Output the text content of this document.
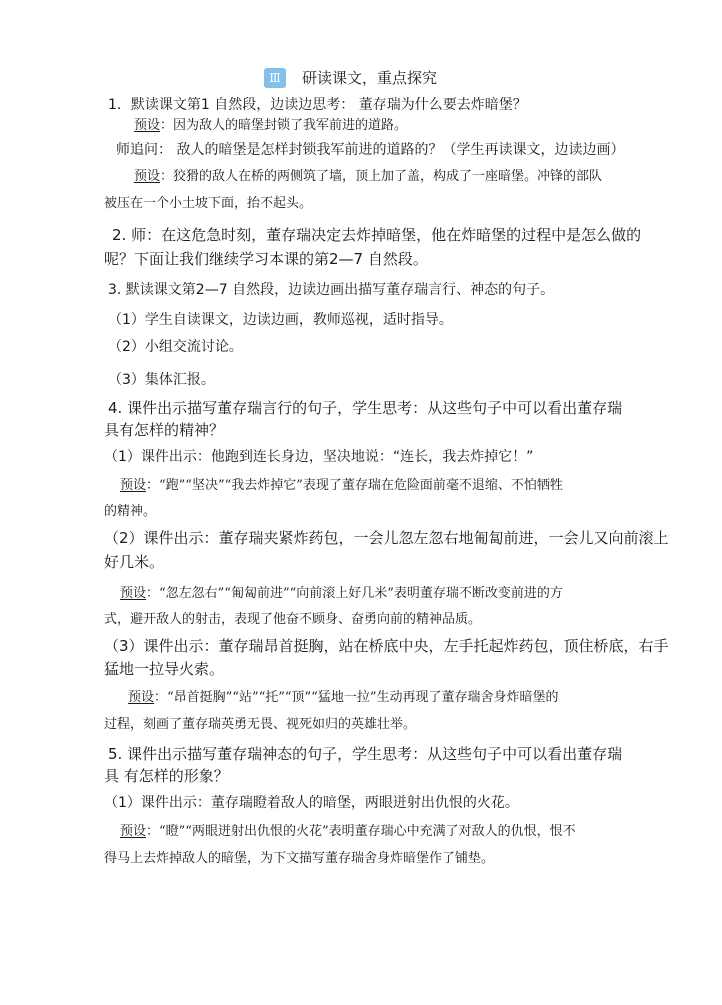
Ⅲ	研读课文，重点探究
1．默读课文第1 自然段，边读边思考： 董存瑞为什么要去炸暗堡？
预设：因为敌人的暗堡封锁了我军前进的道路。
师追问： 敌人的暗堡是怎样封锁我军前进的道路的？（学生再读课文，边读边画）
预设：狡猾的敌人在桥的两侧筑了墙，顶上加了盖，构成了一座暗堡。冲锋的部队
被压在一个小土坡下面，抬不起头。
2. 师：在这危急时刻，董存瑞决定去炸掉暗堡，他在炸暗堡的过程中是怎么做的
呢？下面让我们继续学习本课的第2—7 自然段。
3. 默读课文第2—7 自然段，边读边画出描写董存瑞言行、神态的句子。
（1）学生自读课文，边读边画，教师巡视，适时指导。
（2）小组交流讨论。
（3）集体汇报。
4. 课件出示描写董存瑞言行的句子，学生思考：从这些句子中可以看出董存瑞
具有怎样的精神？
（1）课件出示：他跑到连长身边，坚决地说：“连长，我去炸掉它！”
预设：“跑”“坚决”“我去炸掉它”表现了董存瑞在危险面前毫不退缩、不怕牺牲
的精神。
（2）课件出示：董存瑞夹紧炸药包，一会儿忽左忽右地匍匐前进，一会儿又向前滚上
好几米。
预设：“忽左忽右”“匍匐前进”“向前滚上好几米”表明董存瑞不断改变前进的方
式，避开敌人的射击，表现了他奋不顾身、奋勇向前的精神品质。
（3）课件出示：董存瑞昂首挺胸，站在桥底中央，左手托起炸药包，顶住桥底，右手
猛地一拉导火索。
预设：“昂首挺胸”“站”“托”“顶”“猛地一拉”生动再现了董存瑞舍身炸暗堡的
过程，刻画了董存瑞英勇无畏、视死如归的英雄壮举。
5. 课件出示描写董存瑞神态的句子，学生思考：从这些句子中可以看出董存瑞
具 有怎样的形象？
（1）课件出示：董存瑞瞪着敌人的暗堡，两眼迸射出仇恨的火花。
预设：“瞪”“两眼迸射出仇恨的火花”表明董存瑞心中充满了对敌人的仇恨，恨不
得马上去炸掉敌人的暗堡，为下文描写董存瑞舍身炸暗堡作了铺垫。
